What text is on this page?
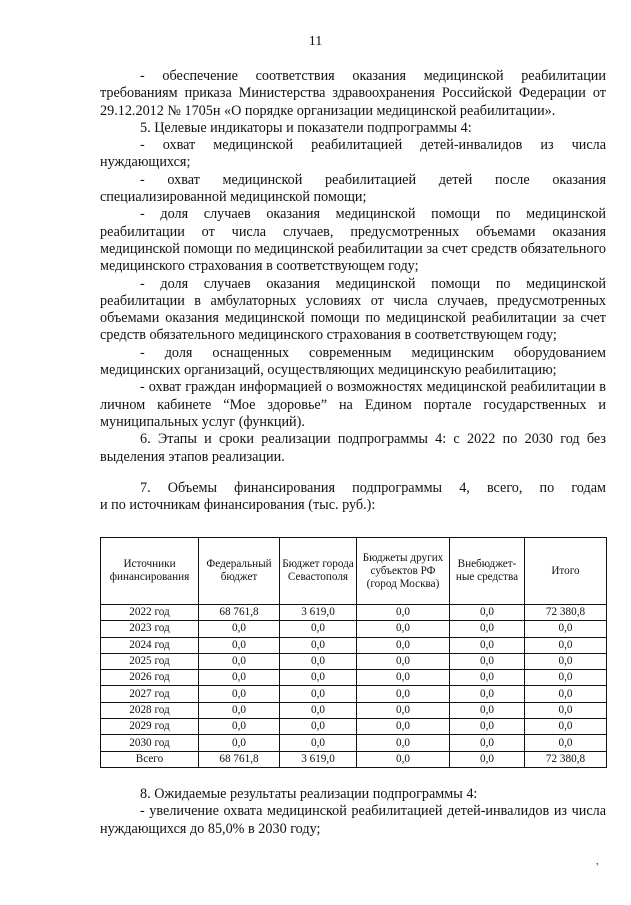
11

- обеспечение соответствия оказания медицинской реабилитации требованиям приказа Министерства здравоохранения Российской Федерации от 29.12.2012 № 1705н «О порядке организации медицинской реабилитации».

5. Целевые индикаторы и показатели подпрограммы 4:

- охват медицинской реабилитацией детей-инвалидов из числа нуждающихся;

- охват медицинской реабилитацией детей после оказания специализированной медицинской помощи;

- доля случаев оказания медицинской помощи по медицинской реабилитации от числа случаев, предусмотренных объемами оказания медицинской помощи по медицинской реабилитации за счет средств обязательного медицинского страхования в соответствующем году;

- доля случаев оказания медицинской помощи по медицинской реабилитации в амбулаторных условиях от числа случаев, предусмотренных объемами оказания медицинской помощи по медицинской реабилитации за счет средств обязательного медицинского страхования в соответствующем году;

- доля оснащенных современным медицинским оборудованием медицинских организаций, осуществляющих медицинскую реабилитацию;

- охват граждан информацией о возможностях медицинской реабилитации в личном кабинете “Мое здоровье” на Едином портале государственных и муниципальных услуг (функций).

6. Этапы и сроки реализации подпрограммы 4: с 2022 по 2030 год без выделения этапов реализации.

7. Объемы финансирования подпрограммы 4, всего, по годам

и по источникам финансирования (тыс. руб.):

Источники финансирования	Федеральный бюджет	Бюджет города Севастополя	Бюджеты других субъектов РФ (город Москва)	Внебюджет-ные средства	Итого
2022 год	68 761,8	3 619,0	0,0	0,0	72 380,8
2023 год	0,0	0,0	0,0	0,0	0,0
2024 год	0,0	0,0	0,0	0,0	0,0
2025 год	0,0	0,0	0,0	0,0	0,0
2026 год	0,0	0,0	0,0	0,0	0,0
2027 год	0,0	0,0	0,0	0,0	0,0
2028 год	0,0	0,0	0,0	0,0	0,0
2029 год	0,0	0,0	0,0	0,0	0,0
2030 год	0,0	0,0	0,0	0,0	0,0
Всего	68 761,8	3 619,0	0,0	0,0	72 380,8

8. Ожидаемые результаты реализации подпрограммы 4:

- увеличение охвата медицинской реабилитацией детей-инвалидов из числа нуждающихся до 85,0% в 2030 году;

,
